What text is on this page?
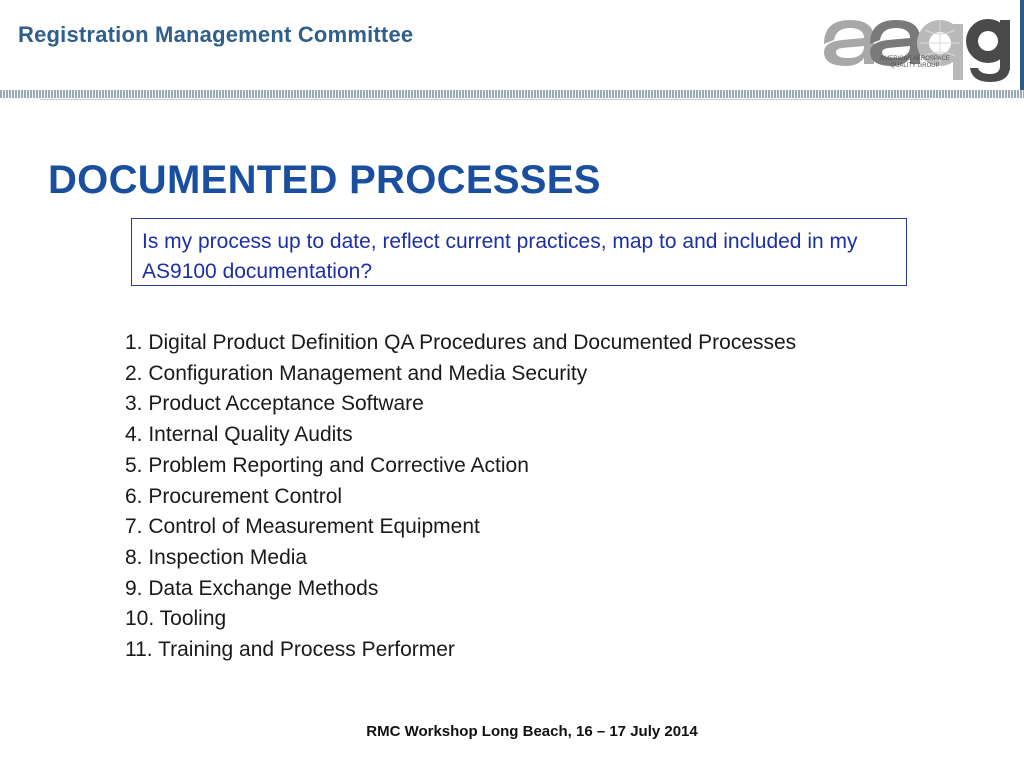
Registration Management Committee
AMERICAS AEROSPACE
QUALITY GROUP
DOCUMENTED PROCESSES
Is my process up to date, reflect current practices, map to and included in my AS9100 documentation?
1. Digital Product Definition QA Procedures and Documented Processes
2. Configuration Management and Media Security
3. Product Acceptance Software
4. Internal Quality Audits
5. Problem Reporting and Corrective Action
6. Procurement Control
7. Control of Measurement Equipment
8. Inspection Media
9. Data Exchange Methods
10. Tooling
11. Training and Process Performer
RMC Workshop Long Beach, 16 – 17 July 2014
